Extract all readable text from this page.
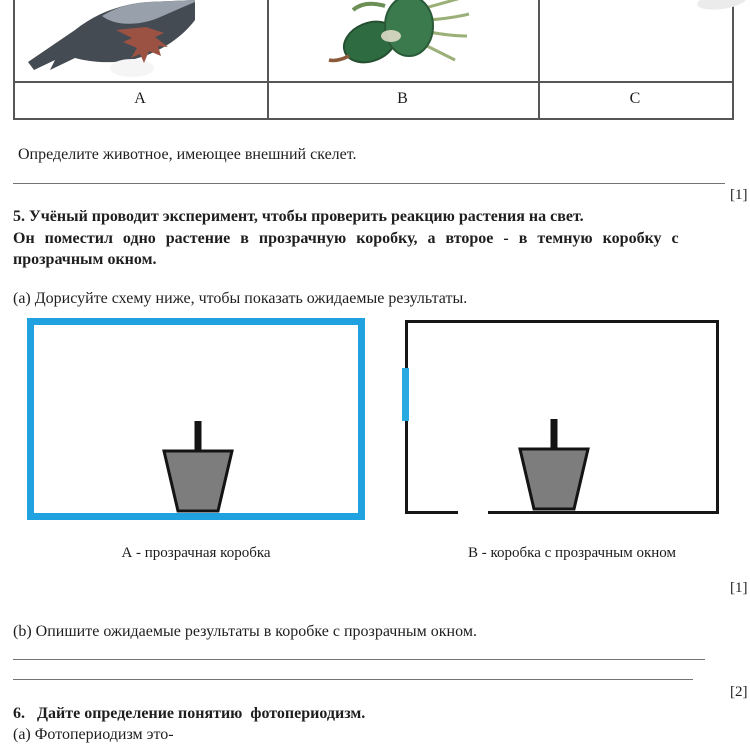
А	В	С
Определите животное, имеющее внешний скелет.
[1]
5. Учёный проводит эксперимент, чтобы проверить реакцию растения на свет.
Он поместил одно растение в прозрачную коробку, а второе - в темную коробку с
прозрачным окном.
(a) Дорисуйте схему ниже, чтобы показать ожидаемые результаты.
А - прозрачная коробка	В - коробка с прозрачным окном
[1]
(b) Опишите ожидаемые результаты в коробке с прозрачным окном.
[2]
6.   Дайте определение понятию  фотопериодизм.
(а) Фотопериодизм это-
